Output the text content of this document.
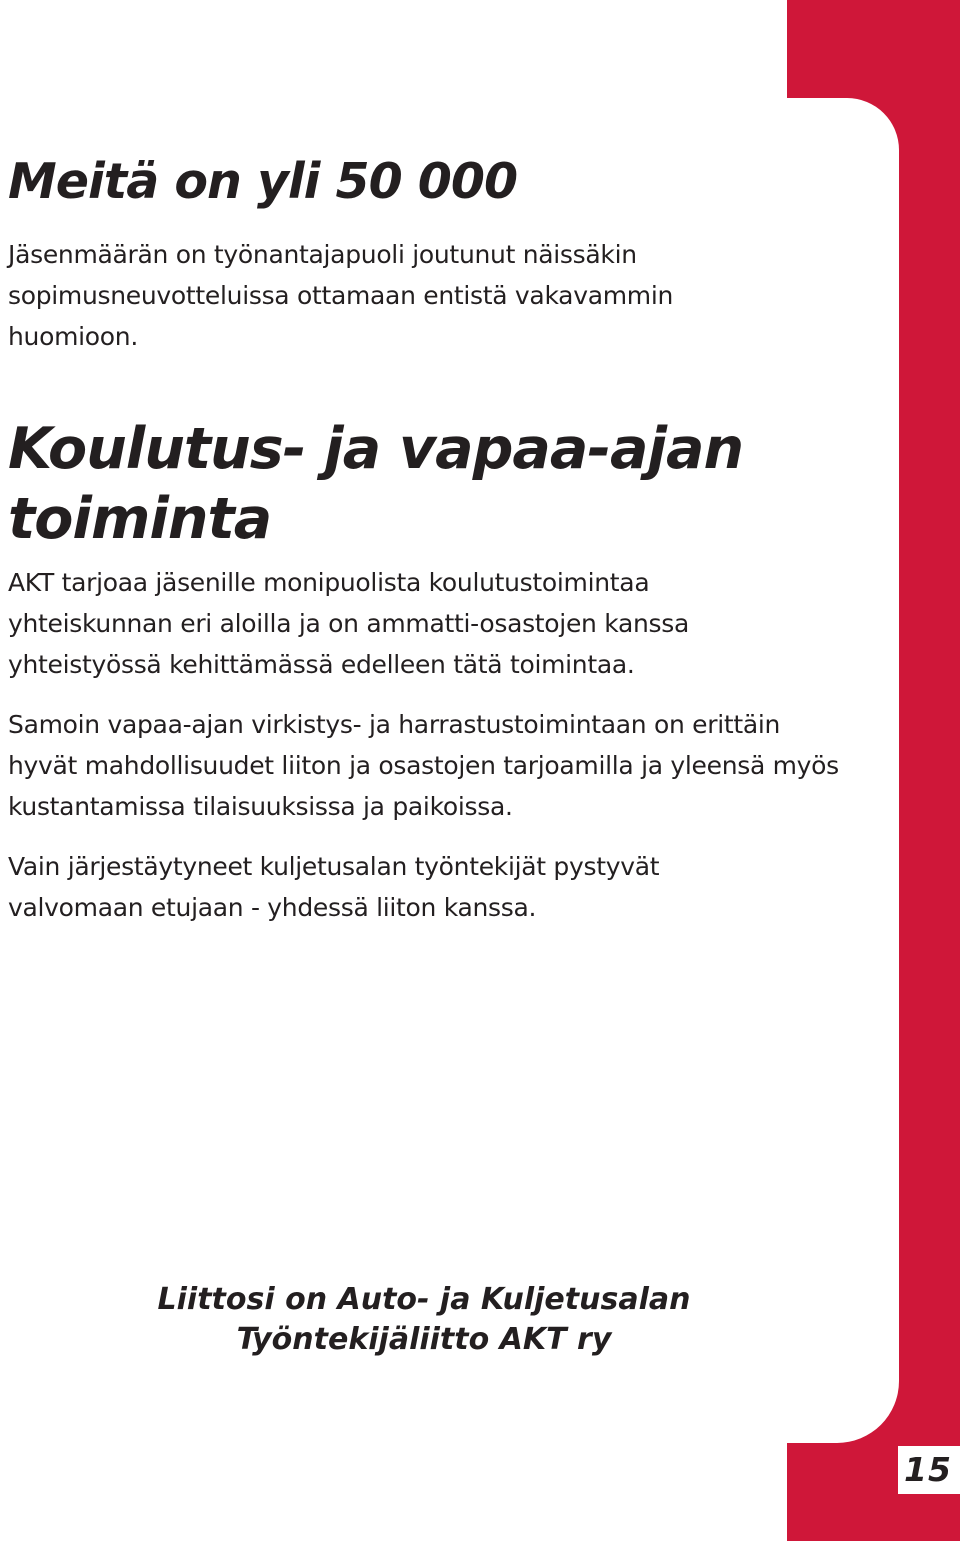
15
Meitä on yli 50 000

Jäsenmäärän on työnantajapuoli joutunut näissäkin sopimusneuvotteluissa ottamaan entistä vakavammin huomioon.

Koulutus- ja vapaa-ajan toiminta

AKT tarjoaa jäsenille monipuolista koulutustoimintaa yhteiskunnan eri aloilla ja on ammatti-osastojen kanssa yhteistyössä kehittämässä edelleen tätä toimintaa.

Samoin vapaa-ajan virkistys- ja harrastustoimintaan on erittäin hyvät mahdollisuudet liiton ja osastojen tarjoamilla ja yleensä myös kustantamissa tilaisuuksissa ja paikoissa.

Vain järjestäytyneet kuljetusalan työntekijät pystyvät valvomaan etujaan - yhdessä liiton kanssa.

Liittosi on Auto- ja Kuljetusalan
Työntekijäliitto AKT ry
